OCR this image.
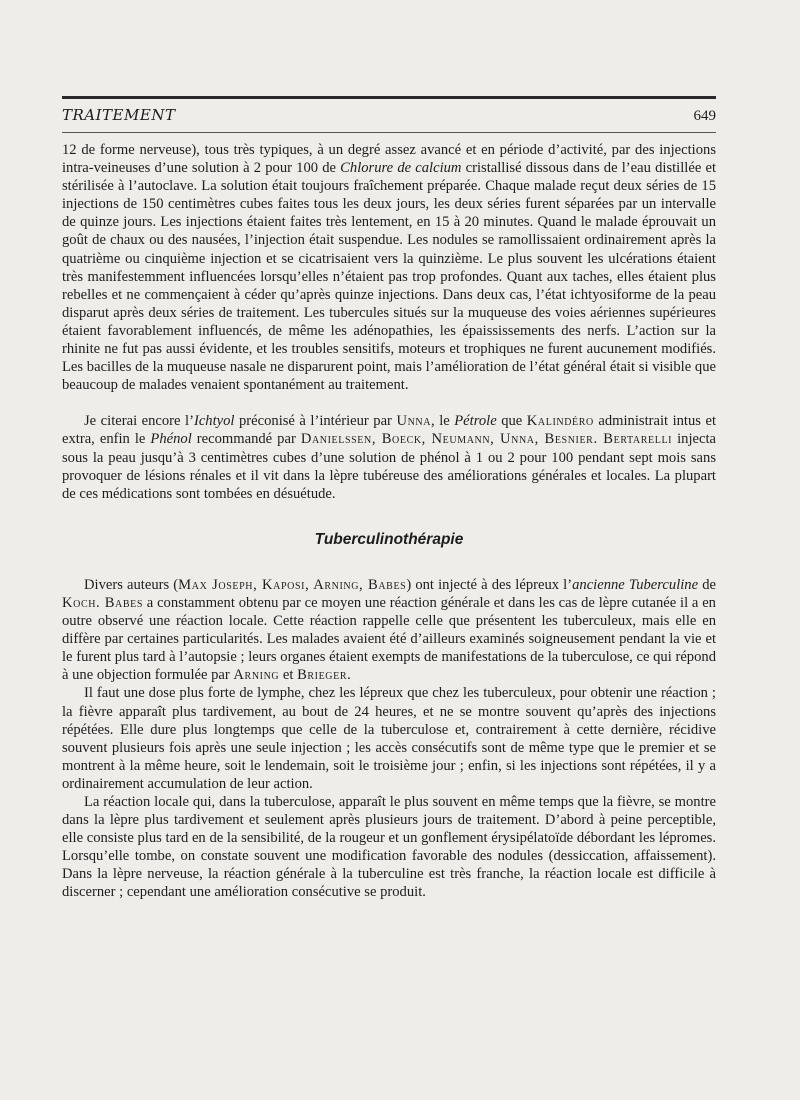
TRAITEMENT	649

12 de forme nerveuse), tous très typiques, à un degré assez avancé et en période d’activité, par des injections intra-veineuses d’une solution à 2 pour 100 de Chlorure de calcium cristallisé dissous dans de l’eau distillée et stérilisée à l’autoclave. La solution était toujours fraîchement préparée. Chaque malade reçut deux séries de 15 injections de 150 centimètres cubes faites tous les deux jours, les deux séries furent séparées par un intervalle de quinze jours. Les injections étaient faites très lentement, en 15 à 20 minutes. Quand le malade éprouvait un goût de chaux ou des nausées, l’injection était suspendue. Les nodules se ramollissaient ordinairement après la quatrième ou cinquième injection et se cicatrisaient vers la quinzième. Le plus souvent les ulcérations étaient très manifestemment influencées lorsqu’elles n’étaient pas trop profondes. Quant aux taches, elles étaient plus rebelles et ne commençaient à céder qu’après quinze injections. Dans deux cas, l’état ichtyosiforme de la peau disparut après deux séries de traitement. Les tubercules situés sur la muqueuse des voies aériennes supérieures étaient favorablement influencés, de même les adénopathies, les épaississements des nerfs. L’action sur la rhinite ne fut pas aussi évidente, et les troubles sensitifs, moteurs et trophiques ne furent aucunement modifiés. Les bacilles de la muqueuse nasale ne disparurent point, mais l’amélioration de l’état général était si visible que beaucoup de malades venaient spontanément au traitement.

Je citerai encore l’Ichtyol préconisé à l’intérieur par Unna, le Pétrole que Kalindéro administrait intus et extra, enfin le Phénol recommandé par Danielssen, Boeck, Neumann, Unna, Besnier. Bertarelli injecta sous la peau jusqu’à 3 centimètres cubes d’une solution de phénol à 1 ou 2 pour 100 pendant sept mois sans provoquer de lésions rénales et il vit dans la lèpre tubéreuse des améliorations générales et locales. La plupart de ces médications sont tombées en désuétude.

Tuberculinothérapie

Divers auteurs (Max Joseph, Kaposi, Arning, Babes) ont injecté à des lépreux l’ancienne Tuberculine de Koch. Babes a constamment obtenu par ce moyen une réaction générale et dans les cas de lèpre cutanée il a en outre observé une réaction locale. Cette réaction rappelle celle que présentent les tuberculeux, mais elle en diffère par certaines particularités. Les malades avaient été d’ailleurs examinés soigneusement pendant la vie et le furent plus tard à l’autopsie ; leurs organes étaient exempts de manifestations de la tuberculose, ce qui répond à une objection formulée par Arning et Brieger.

Il faut une dose plus forte de lymphe, chez les lépreux que chez les tuberculeux, pour obtenir une réaction ; la fièvre apparaît plus tardivement, au bout de 24 heures, et ne se montre souvent qu’après des injections répétées. Elle dure plus longtemps que celle de la tuberculose et, contrairement à cette dernière, récidive souvent plusieurs fois après une seule injection ; les accès consécutifs sont de même type que le premier et se montrent à la même heure, soit le lendemain, soit le troisième jour ; enfin, si les injections sont répétées, il y a ordinairement accumulation de leur action.

La réaction locale qui, dans la tuberculose, apparaît le plus souvent en même temps que la fièvre, se montre dans la lèpre plus tardivement et seulement après plusieurs jours de traitement. D’abord à peine perceptible, elle consiste plus tard en de la sensibilité, de la rougeur et un gonflement érysipélatoïde débordant les lépromes. Lorsqu’elle tombe, on constate souvent une modification favorable des nodules (dessiccation, affaissement). Dans la lèpre nerveuse, la réaction générale à la tuberculine est très franche, la réaction locale est difficile à discerner ; cependant une amélioration consécutive se produit.
